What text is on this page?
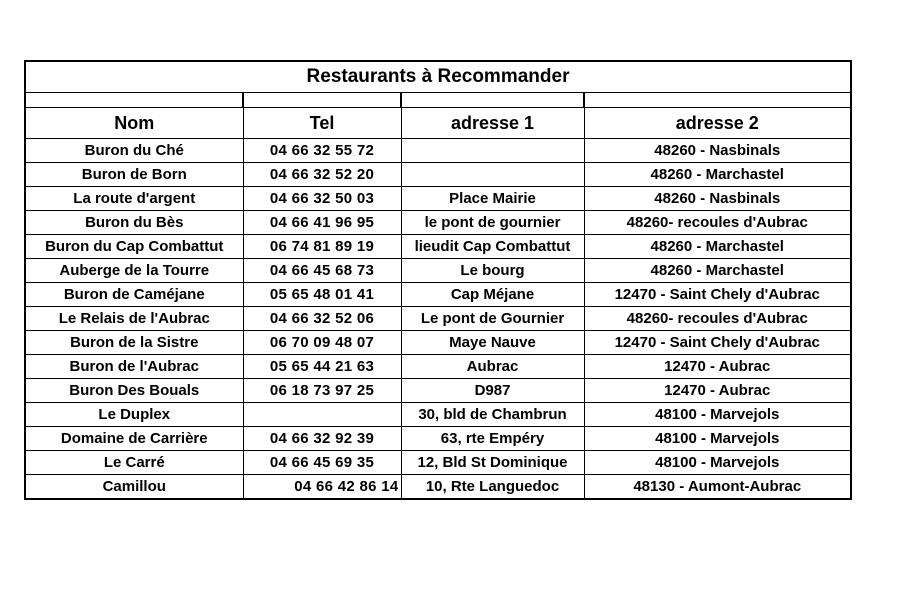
Restaurants à Recommander

Nom	Tel	adresse 1	adresse 2
Buron du Ché	04 66 32 55 72		48260 - Nasbinals
Buron de Born	04 66 32 52 20		48260 - Marchastel
La route d'argent	04 66 32 50 03	Place Mairie	48260 - Nasbinals
Buron du Bès	04 66 41 96 95	le pont de gournier	48260- recoules d'Aubrac
Buron du Cap Combattut	06 74 81 89 19	lieudit Cap Combattut	48260 - Marchastel
Auberge de la Tourre	04 66 45 68 73	Le bourg	48260 - Marchastel
Buron de Caméjane	05 65 48 01 41	Cap Méjane	12470 - Saint Chely d'Aubrac
Le Relais de l'Aubrac	04 66 32 52 06	Le pont de Gournier	48260- recoules d'Aubrac
Buron de la Sistre	06 70 09 48 07	Maye Nauve	12470 - Saint Chely d'Aubrac
Buron de l'Aubrac	05 65 44 21 63	Aubrac	12470 - Aubrac
Buron Des Bouals	06 18 73 97 25	D987	12470 - Aubrac
Le Duplex		30, bld de Chambrun	48100 - Marvejols
Domaine de Carrière	04 66 32 92 39	63, rte Empéry	48100 - Marvejols
Le Carré	04 66 45 69 35	12, Bld St Dominique	48100 - Marvejols
Camillou	04 66 42 86 14	10, Rte Languedoc	48130 - Aumont-Aubrac
